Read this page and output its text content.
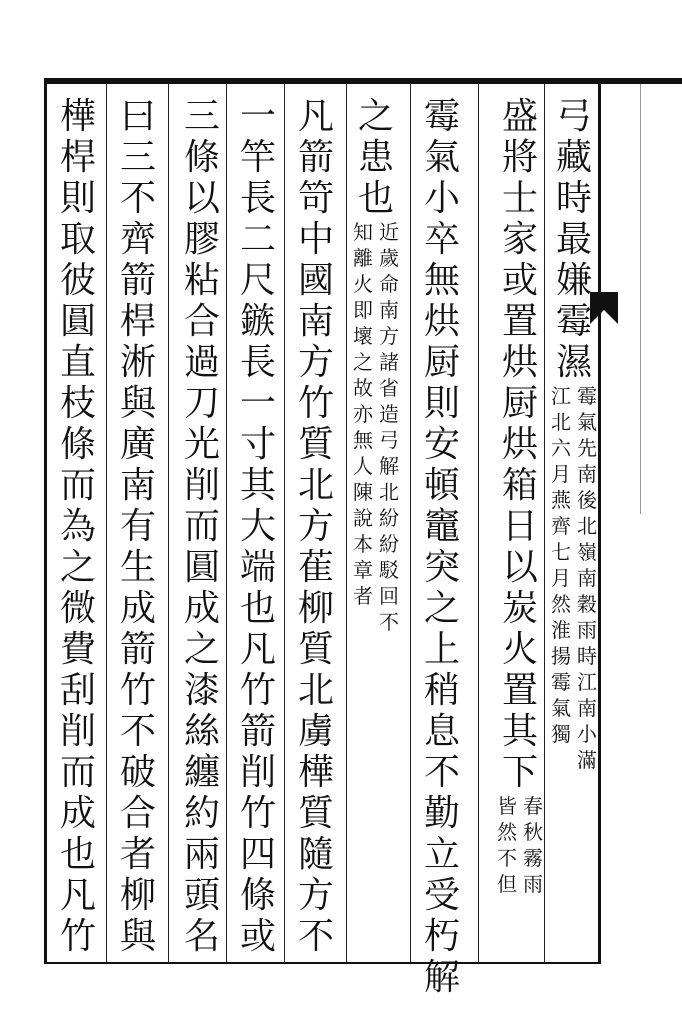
弓
藏
時
最
嫌
霉
濕
霉
氣
先
南
後
北
嶺
南
穀
雨
時
江
南
小
滿
江
北
六
月
燕
齊
七
月
然
淮
揚
霉
氣
獨
盛
將
士
家
或
置
烘
厨
烘
箱
日
以
炭
火
置
其
下
春
秋
霧
雨
皆
然
不
但
霉
氣
小
卒
無
烘
厨
則
安
頓
竈
突
之
上
稍
息
不
勤
立
受
朽
解
之
患
也
近
歲
命
南
方
諸
省
造
弓
解
北
紛
紛
駁
回
不
知
離
火
即
壞
之
故
亦
無
人
陳
說
本
章
者
凡
箭
笴
中
國
南
方
竹
質
北
方
萑
柳
質
北
虜
樺
質
隨
方
不
一
竿
長
二
尺
鏃
長
一
寸
其
大
端
也
凡
竹
箭
削
竹
四
條
或
三
條
以
膠
粘
合
過
刀
光
削
而
圓
成
之
漆
絲
纏
約
兩
頭
名
曰
三
不
齊
箭
桿
淅
與
廣
南
有
生
成
箭
竹
不
破
合
者
柳
與
樺
桿
則
取
彼
圓
直
枝
條
而
為
之
微
費
刮
削
而
成
也
凡
竹
